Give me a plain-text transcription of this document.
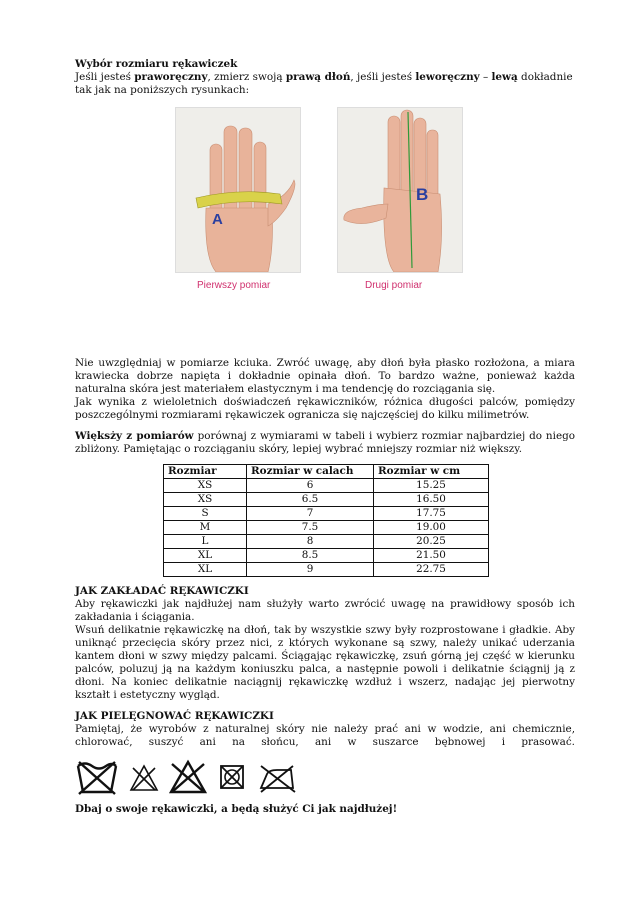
Wybór rozmiaru rękawiczek

Jeśli jesteś praworęczny, zmierz swoją prawą dłoń, jeśli jesteś leworęczny – lewą dokładnie tak jak na poniższych rysunkach:

A
B
Pierwszy pomiar	Drugi pomiar

Nie uwzględniaj w pomiarze kciuka. Zwróć uwagę, aby dłoń była płasko rozłożona, a miara krawiecka dobrze napięta i dokładnie opinała dłoń. To bardzo ważne, ponieważ każda naturalna skóra jest materiałem elastycznym i ma tendencję do rozciągania się.

Jak wynika z wieloletnich doświadczeń rękawiczników, różnica długości palców, pomiędzy poszczególnymi rozmiarami rękawiczek ogranicza się najczęściej do kilku milimetrów.

Więksży z pomiarów porównaj z wymiarami w tabeli i wybierz rozmiar najbardziej do niego zbliżony. Pamiętając o rozciąganiu skóry, lepiej wybrać mniejszy rozmiar niż większy.

Rozmiar	Rozmiar w calach	Rozmiar w cm
XS	6	15.25
XS	6.5	16.50
S	7	17.75
M	7.5	19.00
L	8	20.25
XL	8.5	21.50
XL	9	22.75

JAK ZAKŁADAĆ RĘKAWICZKI

Aby rękawiczki jak najdłużej nam służyły warto zwrócić uwagę na prawidłowy sposób ich zakładania i ściągania.

Wsuń delikatnie rękawiczkę na dłoń, tak by wszystkie szwy były rozprostowane i gładkie. Aby uniknąć przecięcia skóry przez nici, z których wykonane są szwy, należy unikać uderzania kantem dłoni w szwy między palcami. Ściągając rękawiczkę, zsuń górną jej część w kierunku palców, poluzuj ją na każdym koniuszku palca, a następnie powoli i delikatnie ściągnij ją z dłoni. Na koniec delikatnie naciągnij rękawiczkę wzdłuż i wszerz, nadając jej pierwotny kształt i estetyczny wygląd.

JAK PIELĘGNOWAĆ RĘKAWICZKI

Pamiętaj, że wyrobów z naturalnej skóry nie należy prać ani w wodzie, ani chemicznie, chlorować, suszyć ani na słońcu, ani w suszarce bębnowej i prasować.

Dbaj o swoje rękawiczki, a będą służyć Ci jak najdłużej!
